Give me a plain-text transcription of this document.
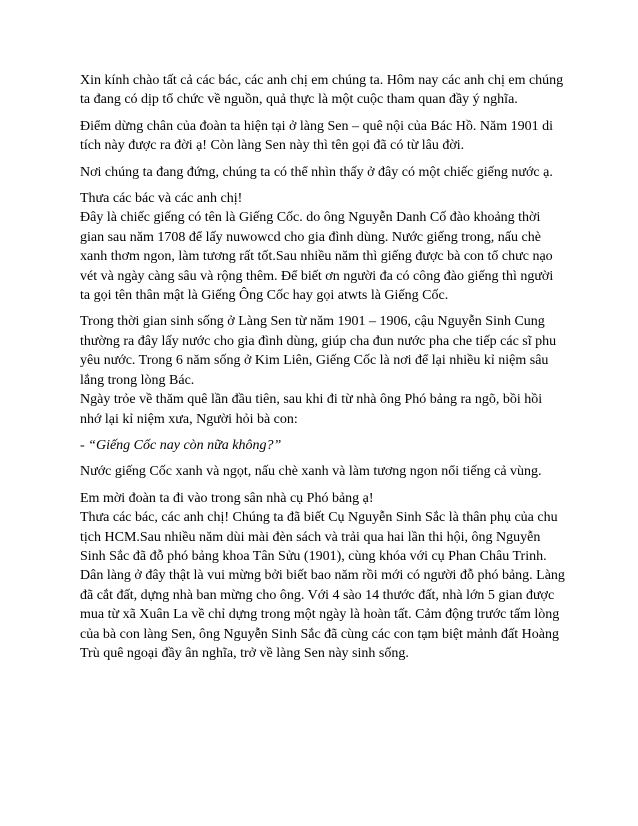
Xin kính chào tất cả các bác, các anh chị em chúng ta. Hôm nay các anh chị em chúng ta đang có dịp tổ chức về nguồn, quả thực là một cuộc tham quan đầy ý nghĩa.

Điểm dừng chân của đoàn ta hiện tại ở làng Sen – quê nội của Bác Hồ. Năm 1901 di tích này được ra đời ạ! Còn làng Sen này thì tên gọi đã có từ lâu đời.

Nơi chúng ta đang đứng, chúng ta có thể nhìn thấy ở đây có một chiếc giếng nước ạ.

Thưa các bác và các anh chị!
Đây là chiếc giếng có tên là Giếng Cốc. do ông Nguyễn Danh Cố đào khoảng thời gian sau năm 1708 để lấy nuwowcd cho gia đình dùng. Nước giếng trong, nấu chè xanh thơm ngon, làm tương rất tốt.Sau nhiều năm thì giếng được bà con tổ chưc nạo vét và ngày càng sâu và rộng thêm. Để biết ơn người đa có công đào giếng thì người ta gọi tên thân mật là Giếng Ông Cốc hay gọi atwts là Giếng Cốc.

Trong thời gian sinh sống ở Làng Sen từ năm 1901 – 1906, cậu Nguyễn Sinh Cung thường ra đây lấy nước cho gia đình dùng, giúp cha đun nước pha che tiếp các sĩ phu yêu nước. Trong 6 năm sống ở Kim Liên, Giếng Cốc là nơi để lại nhiều kỉ niệm sâu lắng trong lòng Bác.
Ngày trỏe về thăm quê lần đầu tiên, sau khi đi từ nhà ông Phó bảng ra ngõ, bồi hồi nhớ lại kỉ niệm xưa, Người hỏi bà con:

- “Giếng Cốc nay còn nữa không?”

Nước giếng Cốc xanh và ngọt, nấu chè xanh và làm tương ngon nổi tiếng cả vùng.

Em mời đoàn ta đi vào trong sân nhà cụ Phó bảng ạ!
Thưa các bác, các anh chị! Chúng ta đã biết Cụ Nguyễn Sinh Sắc là thân phụ của chu tịch HCM.Sau nhiều năm dùi mài đèn sách và trải qua hai lần thi hội, ông Nguyễn Sinh Sắc đã đỗ phó bảng khoa Tân Sửu (1901), cùng khóa với cụ Phan Châu Trinh. Dân làng ở đây thật là vui mừng bởi biết bao năm rồi mới có người đỗ phó bảng. Làng đã cắt đất, dựng nhà ban mừng cho ông. Với 4 sào 14 thước đất, nhà lớn 5 gian được mua từ xã Xuân La về chỉ dựng trong một ngày là hoàn tất. Cảm động trước tấm lòng của bà con làng Sen, ông Nguyễn Sinh Sắc đã cùng các con tạm biệt mảnh đất Hoàng Trù quê ngoại đầy ân nghĩa, trở về làng Sen này sinh sống.
